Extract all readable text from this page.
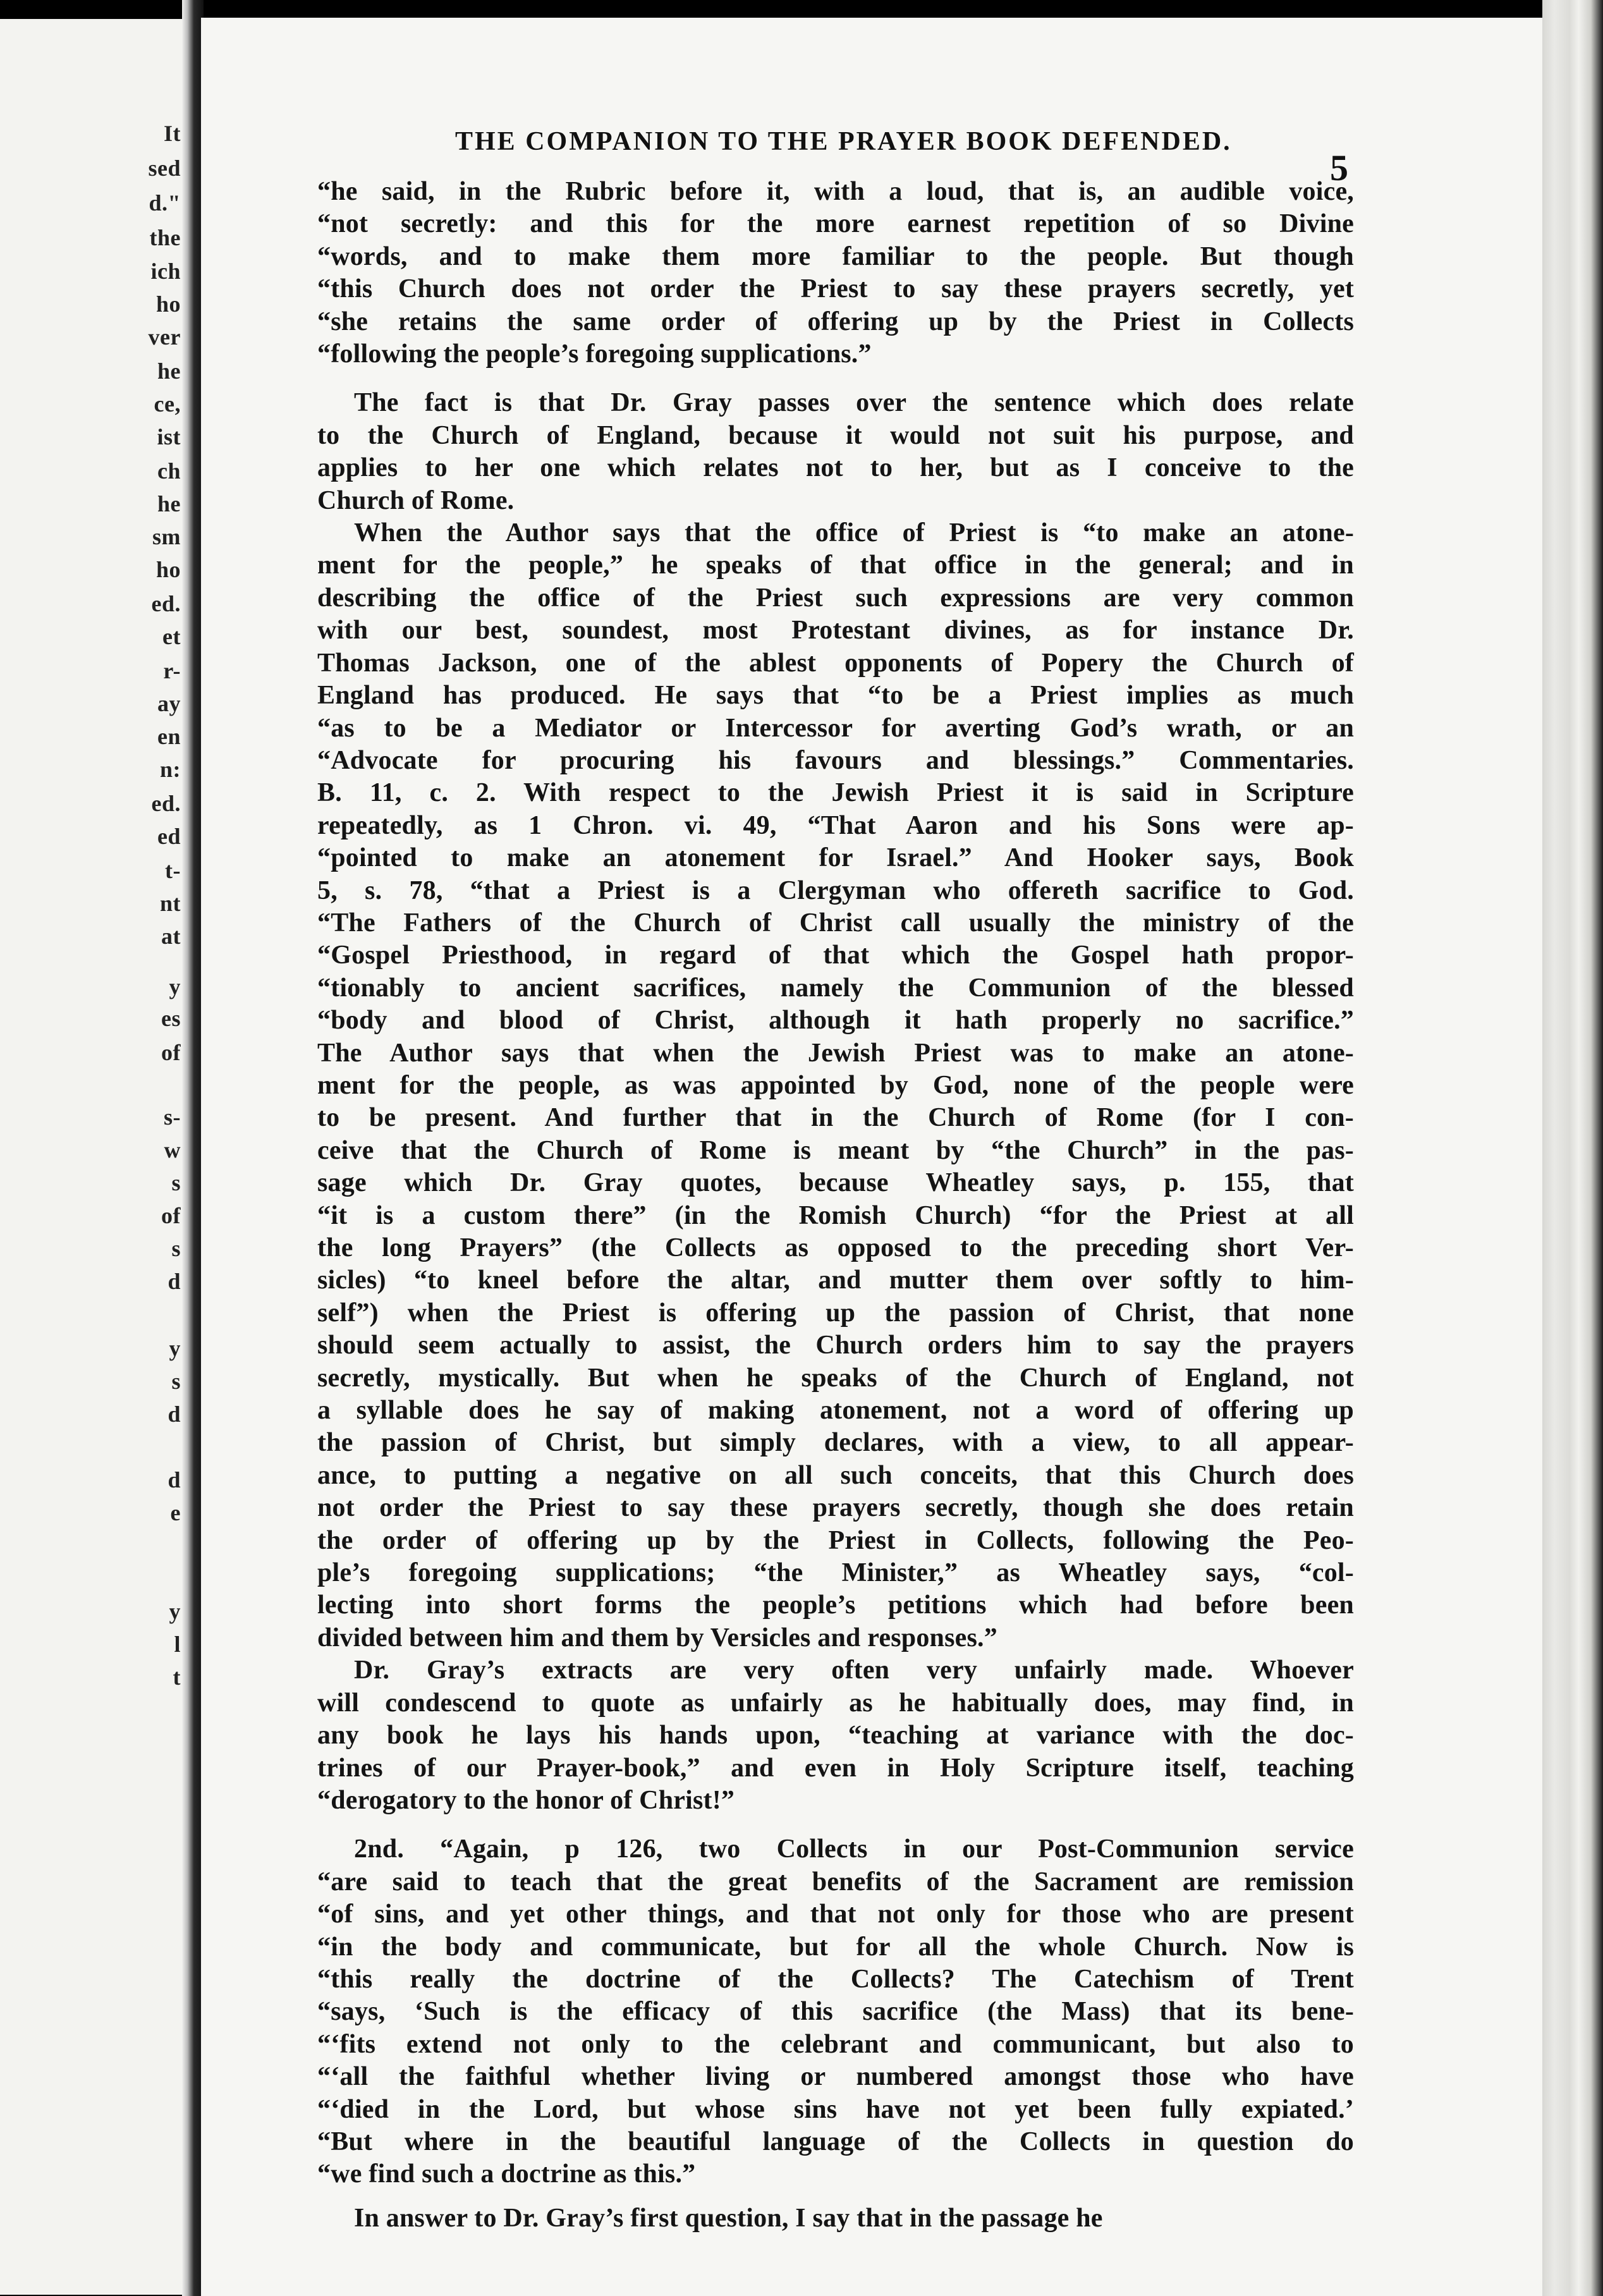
It
sed
d."
the
ich
ho
ver
he
ce,
ist
ch
he
sm
ho
ed.
et
r-
ay
en
n:
ed.
ed
t-
nt
at
y
es
of
s-
w
s
of
s
d
y
s
d
d
e
y
l
t
THE COMPANION TO THE PRAYER BOOK DEFENDED.
5

“he said, in the Rubric before it, with a loud, that is, an audible voice,

“not secretly: and this for the more earnest repetition of so Divine

“words, and to make them more familiar to the people. But though

“this Church does not order the Priest to say these prayers secretly, yet

“she retains the same order of offering up by the Priest in Collects

“following the people’s foregoing supplications.”

The fact is that Dr. Gray passes over the sentence which does relate

to the Church of England, because it would not suit his purpose, and

applies to her one which relates not to her, but as I conceive to the

Church of Rome.

When the Author says that the office of Priest is “to make an atone-

ment for the people,” he speaks of that office in the general; and in

describing the office of the Priest such expressions are very common

with our best, soundest, most Protestant divines, as for instance Dr.

Thomas Jackson, one of the ablest opponents of Popery the Church of

England has produced. He says that “to be a Priest implies as much

“as to be a Mediator or Intercessor for averting God’s wrath, or an

“Advocate for procuring his favours and blessings.” Commentaries.

B. 11, c. 2. With respect to the Jewish Priest it is said in Scripture

repeatedly, as 1 Chron. vi. 49, “That Aaron and his Sons were ap-

“pointed to make an atonement for Israel.” And Hooker says, Book

5, s. 78, “that a Priest is a Clergyman who offereth sacrifice to God.

“The Fathers of the Church of Christ call usually the ministry of the

“Gospel Priesthood, in regard of that which the Gospel hath propor-

“tionably to ancient sacrifices, namely the Communion of the blessed

“body and blood of Christ, although it hath properly no sacrifice.”

The Author says that when the Jewish Priest was to make an atone-

ment for the people, as was appointed by God, none of the people were

to be present. And further that in the Church of Rome (for I con-

ceive that the Church of Rome is meant by “the Church” in the pas-

sage which Dr. Gray quotes, because Wheatley says, p. 155, that

“it is a custom there” (in the Romish Church) “for the Priest at all

the long Prayers” (the Collects as opposed to the preceding short Ver-

sicles) “to kneel before the altar, and mutter them over softly to him-

self”) when the Priest is offering up the passion of Christ, that none

should seem actually to assist, the Church orders him to say the prayers

secretly, mystically. But when he speaks of the Church of England, not

a syllable does he say of making atonement, not a word of offering up

the passion of Christ, but simply declares, with a view, to all appear-

ance, to putting a negative on all such conceits, that this Church does

not order the Priest to say these prayers secretly, though she does retain

the order of offering up by the Priest in Collects, following the Peo-

ple’s foregoing supplications; “the Minister,” as Wheatley says, “col-

lecting into short forms the people’s petitions which had before been

divided between him and them by Versicles and responses.”

Dr. Gray’s extracts are very often very unfairly made. Whoever

will condescend to quote as unfairly as he habitually does, may find, in

any book he lays his hands upon, “teaching at variance with the doc-

trines of our Prayer-book,” and even in Holy Scripture itself, teaching

“derogatory to the honor of Christ!”

2nd. “Again, p 126, two Collects in our Post-Communion service

“are said to teach that the great benefits of the Sacrament are remission

“of sins, and yet other things, and that not only for those who are present

“in the body and communicate, but for all the whole Church. Now is

“this really the doctrine of the Collects? The Catechism of Trent

“says, ‘Such is the efficacy of this sacrifice (the Mass) that its bene-

“‘fits extend not only to the celebrant and communicant, but also to

“‘all the faithful whether living or numbered amongst those who have

“‘died in the Lord, but whose sins have not yet been fully expiated.’

“But where in the beautiful language of the Collects in question do

“we find such a doctrine as this.”

In answer to Dr. Gray’s first question, I say that in the passage he
